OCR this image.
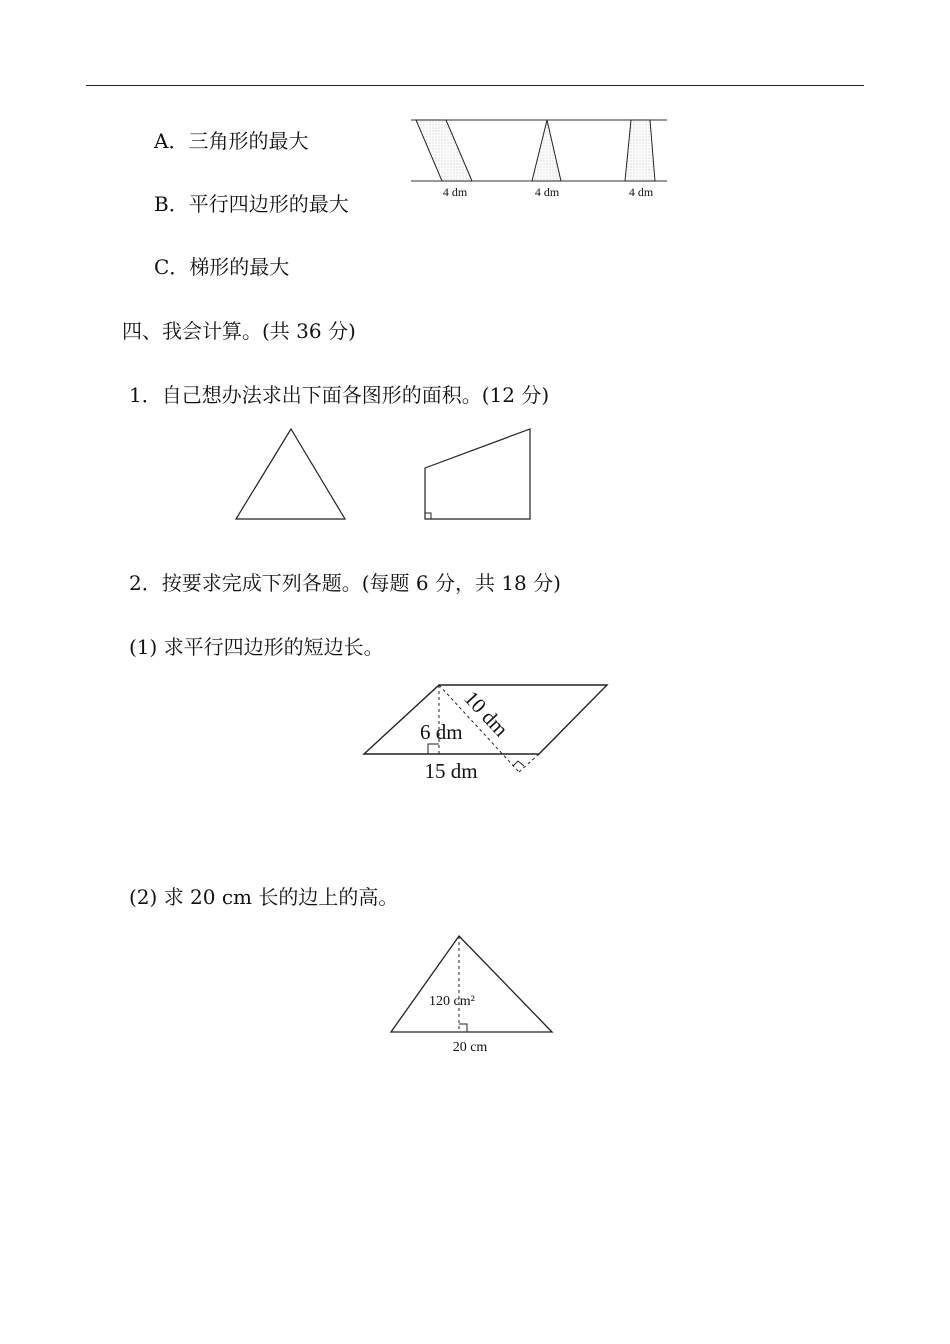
A．三角形的最大
B．平行四边形的最大
C．梯形的最大
4 dm	4 dm	4 dm
四、我会计算。(共 36 分)
1．自己想办法求出下面各图形的面积。(12 分)
2．按要求完成下列各题。(每题 6 分，共 18 分)
(1) 求平行四边形的短边长。
6 dm
10 dm
15 dm
(2) 求 20 cm 长的边上的高。
120 cm²
20 cm
